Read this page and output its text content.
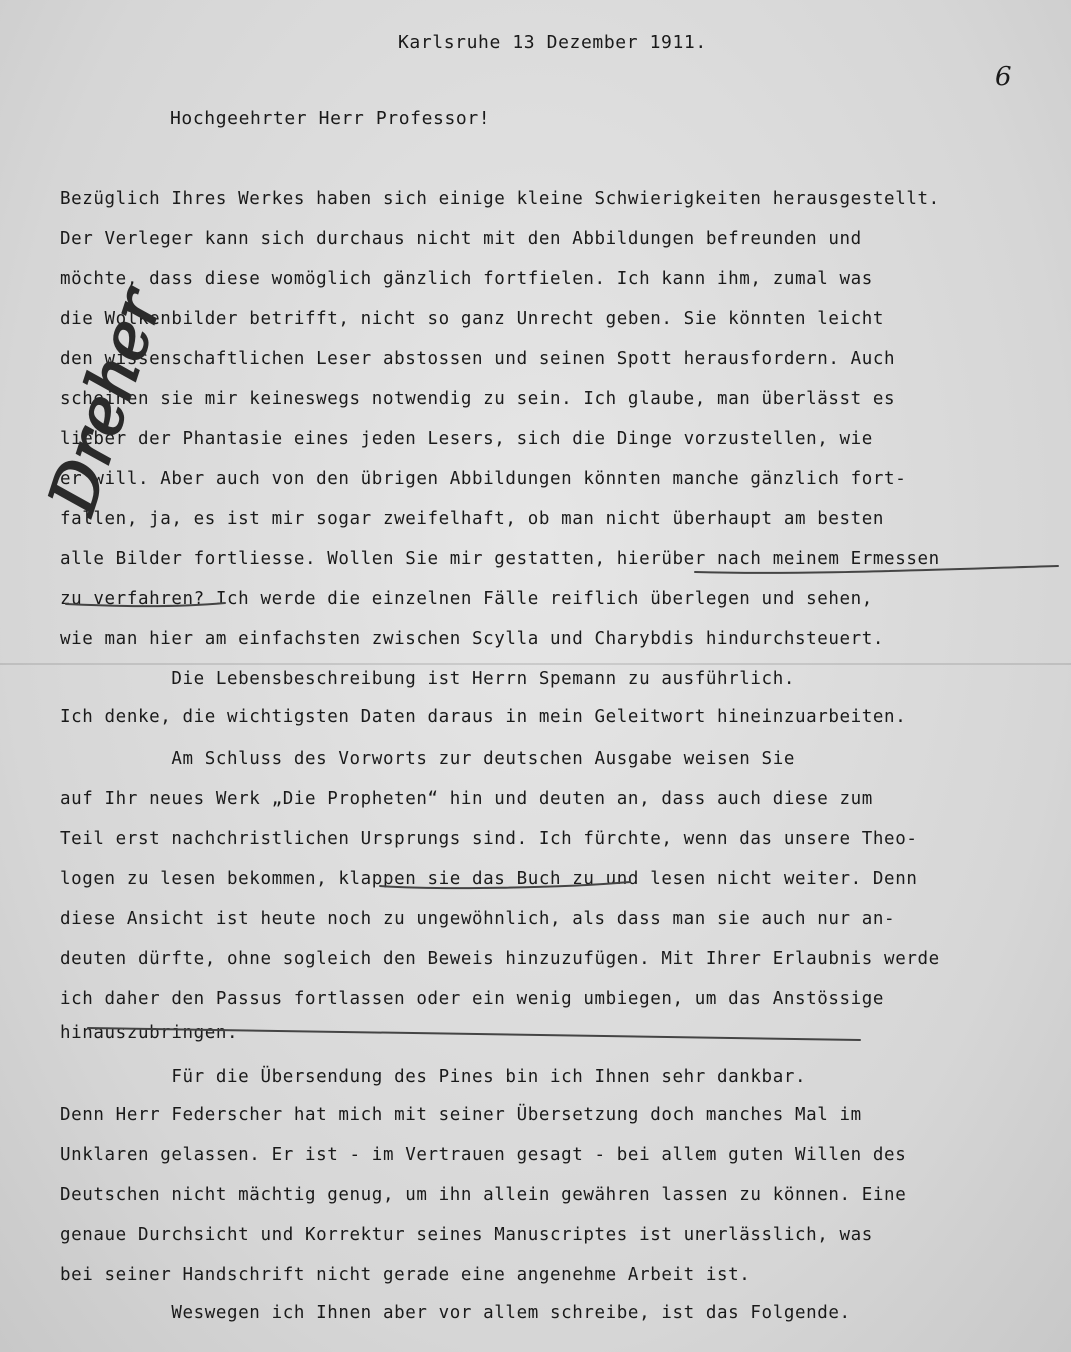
Karlsruhe 13 Dezember 1911.
6
Hochgeehrter Herr Professor!
Bezüglich Ihres Werkes haben sich einige kleine Schwierigkeiten herausgestellt.
Der Verleger kann sich durchaus nicht mit den Abbildungen befreunden und
möchte, dass diese womöglich gänzlich fortfielen. Ich kann ihm, zumal was
die Wolkenbilder betrifft, nicht so ganz Unrecht geben. Sie könnten leicht
den wissenschaftlichen Leser abstossen und seinen Spott herausfordern. Auch
scheinen sie mir keineswegs notwendig zu sein. Ich glaube, man überlässt es
lieber der Phantasie eines jeden Lesers, sich die Dinge vorzustellen, wie
er will. Aber auch von den übrigen Abbildungen könnten manche gänzlich fort-
fallen, ja, es ist mir sogar zweifelhaft, ob man nicht überhaupt am besten
alle Bilder fortliesse. Wollen Sie mir gestatten, hierüber nach meinem Ermessen
zu verfahren? Ich werde die einzelnen Fälle reiflich überlegen und sehen,
wie man hier am einfachsten zwischen Scylla und Charybdis hindurchsteuert.
Die Lebensbeschreibung ist Herrn Spemann zu ausführlich.
Ich denke, die wichtigsten Daten daraus in mein Geleitwort hineinzuarbeiten.
Am Schluss des Vorworts zur deutschen Ausgabe weisen Sie
auf Ihr neues Werk „Die Propheten“ hin und deuten an, dass auch diese zum
Teil erst nachchristlichen Ursprungs sind. Ich fürchte, wenn das unsere Theo-
logen zu lesen bekommen, klappen sie das Buch zu und lesen nicht weiter. Denn
diese Ansicht ist heute noch zu ungewöhnlich, als dass man sie auch nur an-
deuten dürfte, ohne sogleich den Beweis hinzuzufügen. Mit Ihrer Erlaubnis werde
ich daher den Passus fortlassen oder ein wenig umbiegen, um das Anstössige
hinauszubringen.
Für die Übersendung des Pines bin ich Ihnen sehr dankbar.
Denn Herr Federscher hat mich mit seiner Übersetzung doch manches Mal im
Unklaren gelassen. Er ist - im Vertrauen gesagt - bei allem guten Willen des
Deutschen nicht mächtig genug, um ihn allein gewähren lassen zu können. Eine
genaue Durchsicht und Korrektur seines Manuscriptes ist unerlässlich, was
bei seiner Handschrift nicht gerade eine angenehme Arbeit ist.
Weswegen ich Ihnen aber vor allem schreibe, ist das Folgende.
Dreher
